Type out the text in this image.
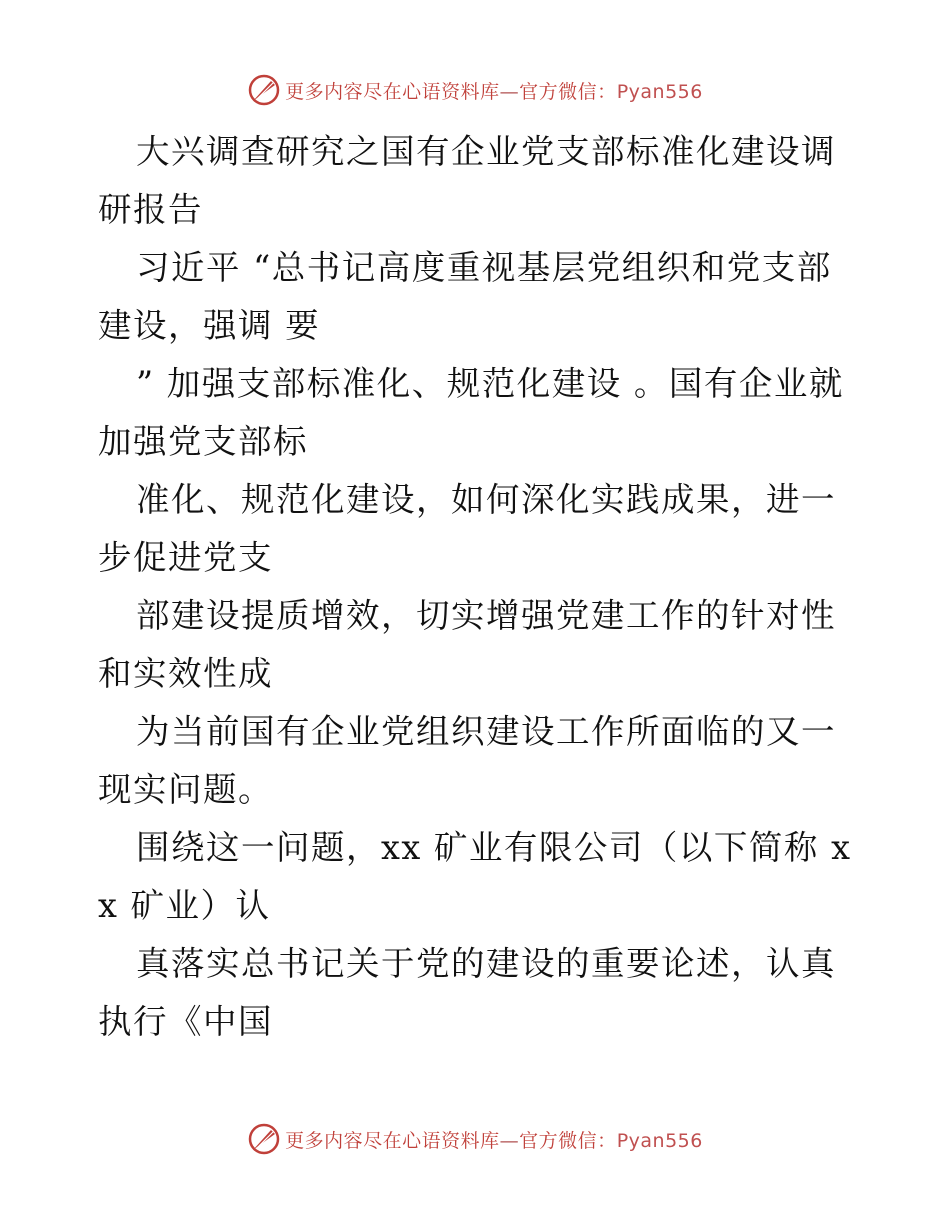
更多内容尽在心语资料库—官方微信：Pyan556

大兴调查研究之国有企业党支部标准化建设调研报告

习近平 “总书记高度重视基层党组织和党支部建设，强调 要

” 加强支部标准化、规范化建设 。国有企业就加强党支部标

准化、规范化建设，如何深化实践成果，进一步促进党支

部建设提质增效，切实增强党建工作的针对性和实效性成

为当前国有企业党组织建设工作所面临的又一现实问题。

围绕这一问题，xx 矿业有限公司（以下简称 xx 矿业）认

真落实总书记关于党的建设的重要论述，认真执行《中国

更多内容尽在心语资料库—官方微信：Pyan556
